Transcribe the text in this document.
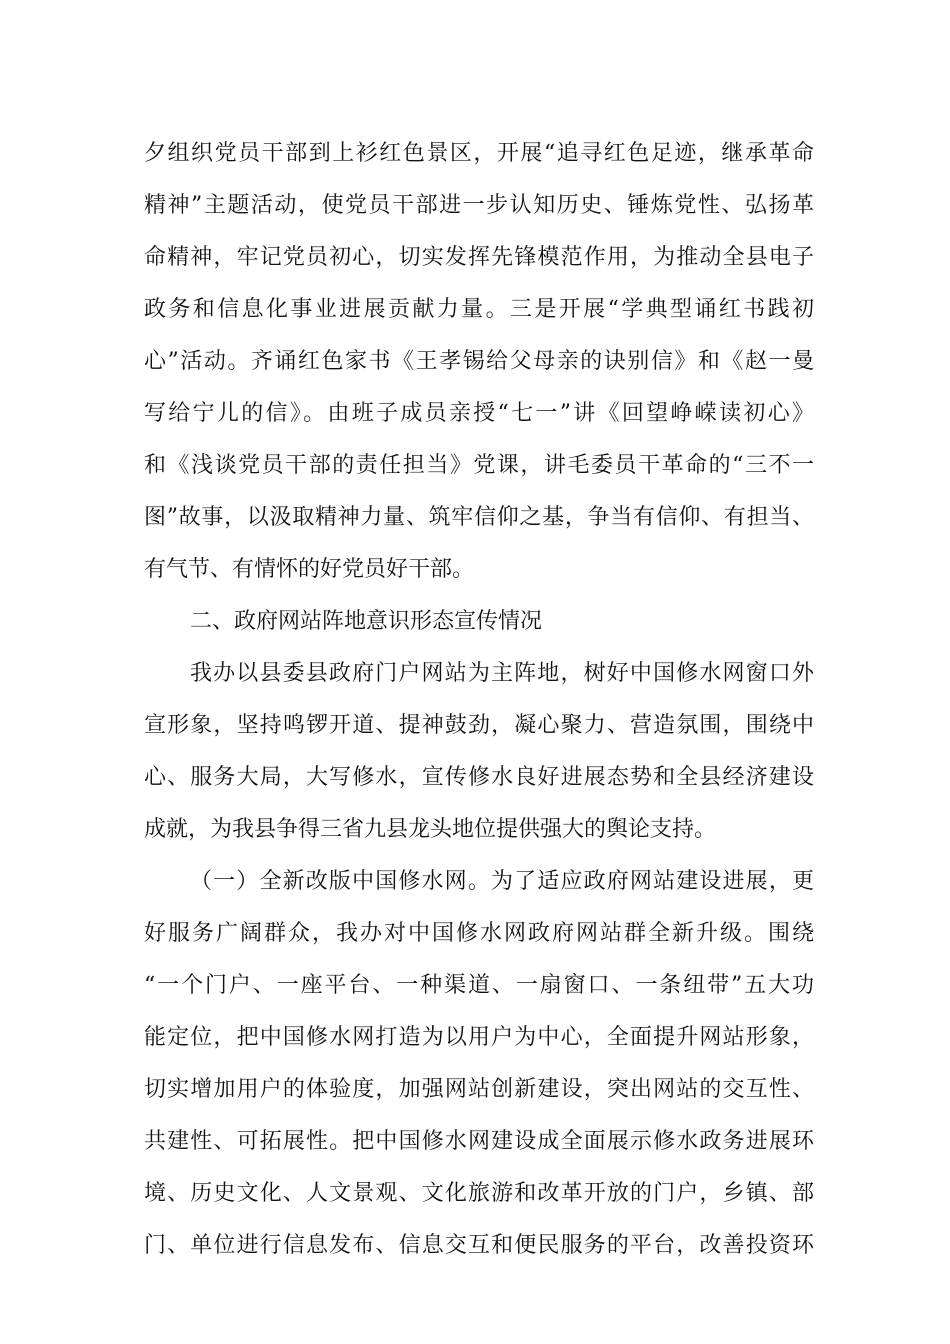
夕组织党员干部到上衫红色景区，开展“追寻红色足迹，继承革命
精神”主题活动，使党员干部进一步认知历史、锤炼党性、弘扬革
命精神，牢记党员初心，切实发挥先锋模范作用，为推动全县电子
政务和信息化事业进展贡献力量。三是开展“学典型诵红书践初
心”活动。齐诵红色家书《王孝锡给父母亲的诀别信》和《赵一曼
写给宁儿的信》。由班子成员亲授“七一”讲《回望峥嵘读初心》
和《浅谈党员干部的责任担当》党课，讲毛委员干革命的“三不一
图”故事，以汲取精神力量、筑牢信仰之基，争当有信仰、有担当、
有气节、有情怀的好党员好干部。
二、政府网站阵地意识形态宣传情况
我办以县委县政府门户网站为主阵地，树好中国修水网窗口外
宣形象，坚持鸣锣开道、提神鼓劲，凝心聚力、营造氛围，围绕中
心、服务大局，大写修水，宣传修水良好进展态势和全县经济建设
成就，为我县争得三省九县龙头地位提供强大的舆论支持。
（一）全新改版中国修水网。为了适应政府网站建设进展，更
好服务广阔群众，我办对中国修水网政府网站群全新升级。围绕
“一个门户、一座平台、一种渠道、一扇窗口、一条纽带”五大功
能定位，把中国修水网打造为以用户为中心，全面提升网站形象，
切实增加用户的体验度，加强网站创新建设，突出网站的交互性、
共建性、可拓展性。把中国修水网建设成全面展示修水政务进展环
境、历史文化、人文景观、文化旅游和改革开放的门户，乡镇、部
门、单位进行信息发布、信息交互和便民服务的平台，改善投资环
